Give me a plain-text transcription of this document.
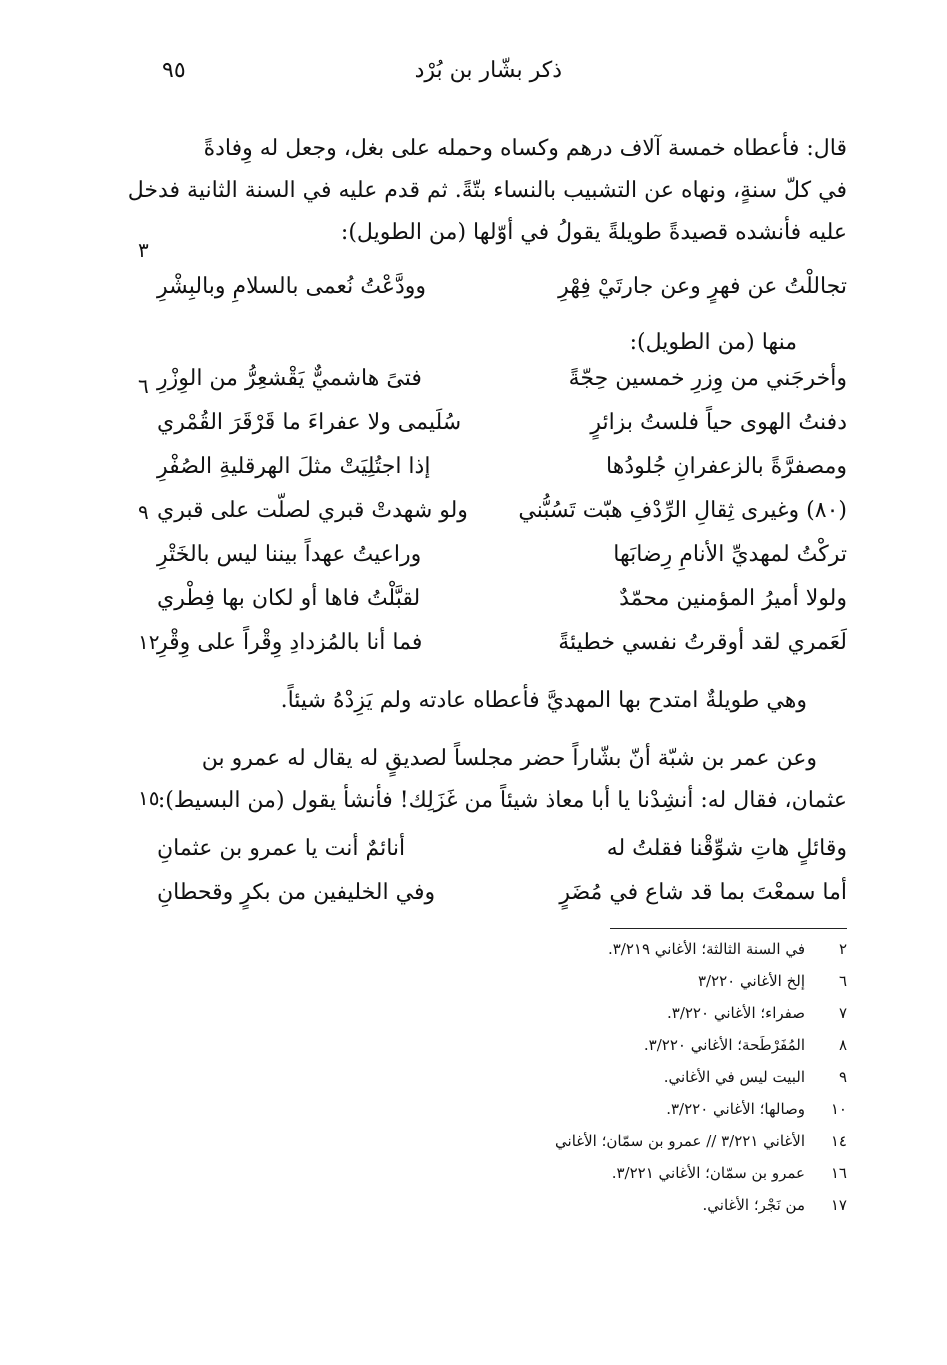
ذكر بشّار بن بُرْد
٩٥

قال: فأعطاه خمسة آلاف درهم وكساه وحمله على بغل، وجعل له وِفادةً

في كلّ سنةٍ، ونهاه عن التشبيب بالنساء بتّةً. ثم قدم عليه في السنة الثانية فدخل

عليه فأنشده قصيدةً طويلةً يقولُ في أوّلها (من الطويل):

٣
تجاللْتُ عن فهرٍ وعن جارتَيْ فِهْرِ
وودَّعْتُ نُعمى بالسلامِ وبالبِشْرِ

منها (من الطويل):

وأخرجَني من وِزرِ خمسين حِجّةً
فتىً هاشميٌّ يَقْشعِرُّ من الوِزْرِ
٦
دفنتُ الهوى حياً فلستُ بزائرٍ
سُلَيمى ولا عفراءَ ما قَرْقَرَ القُمْري
ومصفرَّةً بالزعفرانِ جُلودُها
إذا اجتُلِيَتْ مثلَ الهرقليةِ الصُفْرِ
(٨٠) وغيرى ثِقالِ الرِّدْفِ هبّت تَسُبُّني
ولو شهدتْ قبري لصلّت على قبري
٩
تركْتُ لمهديِّ الأنامِ رِضابَها
وراعيتُ عهداً بيننا ليس بالخَتْرِ
ولولا أميرُ المؤمنين محمّدٌ
لقبَّلْتُ فاها أو لكان بها فِطْري
لَعَمري لقد أوقرتُ نفسي خطيئةً
فما أنا بالمُزدادِ وِقْراً على وِقْرِ
١٢

وهي طويلةٌ امتدح بها المهديَّ فأعطاه عادته ولم يَزِدْهُ شيئاً.

وعن عمر بن شبّة أنّ بشّاراً حضر مجلساً لصديقٍ له يقال له عمرو بن

عثمان، فقال له: أنشِدْنا يا أبا معاذ شيئاً من غَزَلِك! فأنشأ يقول (من البسيط):

١٥
وقائلٍ هاتِ شوِّقْنا فقلتُ له
أنائمٌ أنت يا عمرو بن عثمانِ
أما سمعْتَ بما قد شاع في مُضَرٍ
وفي الخليفين من بكرٍ وقحطانِ
٢في السنة الثالثة؛ الأغاني ٣/٢١٩.
٦إلخ الأغاني ٣/٢٢٠
٧صفراء؛ الأغاني ٣/٢٢٠.
٨المُفَرْطَحة؛ الأغاني ٣/٢٢٠.
٩البيت ليس في الأغاني.
١٠وصالها؛ الأغاني ٣/٢٢٠.
١٤الأغاني ٣/٢٢١ // عمرو بن سمّان؛ الأغاني
١٦عمرو بن سمّان؛ الأغاني ٣/٢٢١.
١٧من نَجْر؛ الأغاني.
